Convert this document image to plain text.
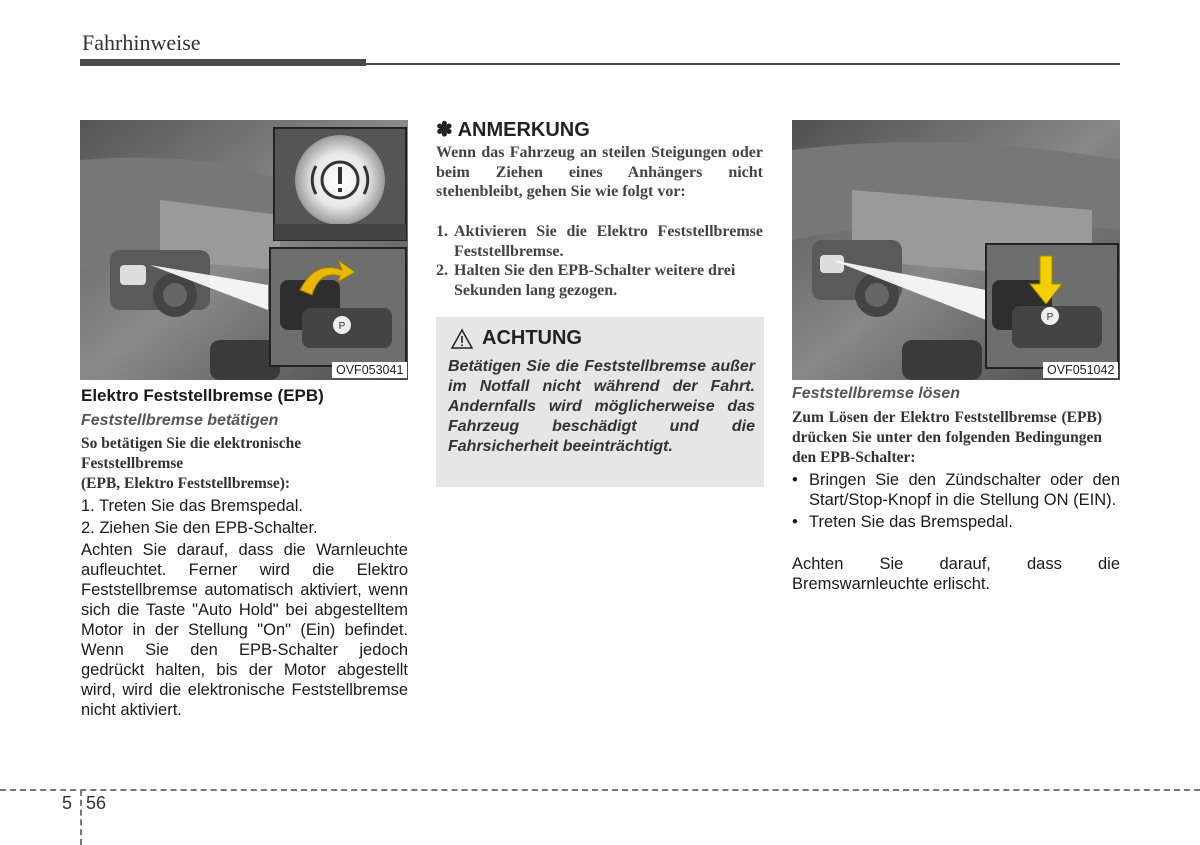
Fahrhinweise
P
OVF053041
Elektro Feststellbremse (EPB)
Feststellbremse betätigen
So betätigen Sie die elektronische
Feststellbremse
(EPB, Elektro Feststellbremse):
1. Treten Sie das Bremspedal.
2. Ziehen Sie den EPB-Schalter.
Achten Sie darauf, dass die Warnleuchte aufleuchtet. Ferner wird die Elektro Feststellbremse automatisch aktiviert, wenn sich die Taste "Auto Hold" bei abgestelltem Motor in der Stellung "On" (Ein) befindet. Wenn Sie den EPB-Schalter jedoch gedrückt halten, bis der Motor abgestellt wird, wird die elektronische Feststellbremse nicht aktiviert.
✽ ANMERKUNG
Wenn das Fahrzeug an steilen Steigungen oder beim Ziehen eines Anhängers nicht stehenbleibt, gehen Sie wie folgt vor:
1. Aktivieren Sie die Elektro Feststellbremse Feststellbremse.
2. Halten Sie den EPB-Schalter weitere drei Sekunden lang gezogen.
ACHTUNG
Betätigen Sie die Feststellbremse außer im Notfall nicht während der Fahrt. Andernfalls wird möglicherweise das Fahrzeug beschädigt und die Fahrsicherheit beeinträchtigt.
P
OVF051042
Feststellbremse lösen
Zum Lösen der Elektro Feststellbremse (EPB) drücken Sie unter den folgenden Bedingungen den EPB-Schalter:
• Bringen Sie den Zündschalter oder den Start/Stop-Knopf in die Stellung ON (EIN).
• Treten Sie das Bremspedal.
Achten Sie darauf, dass die Bremswarnleuchte erlischt.
5 56
